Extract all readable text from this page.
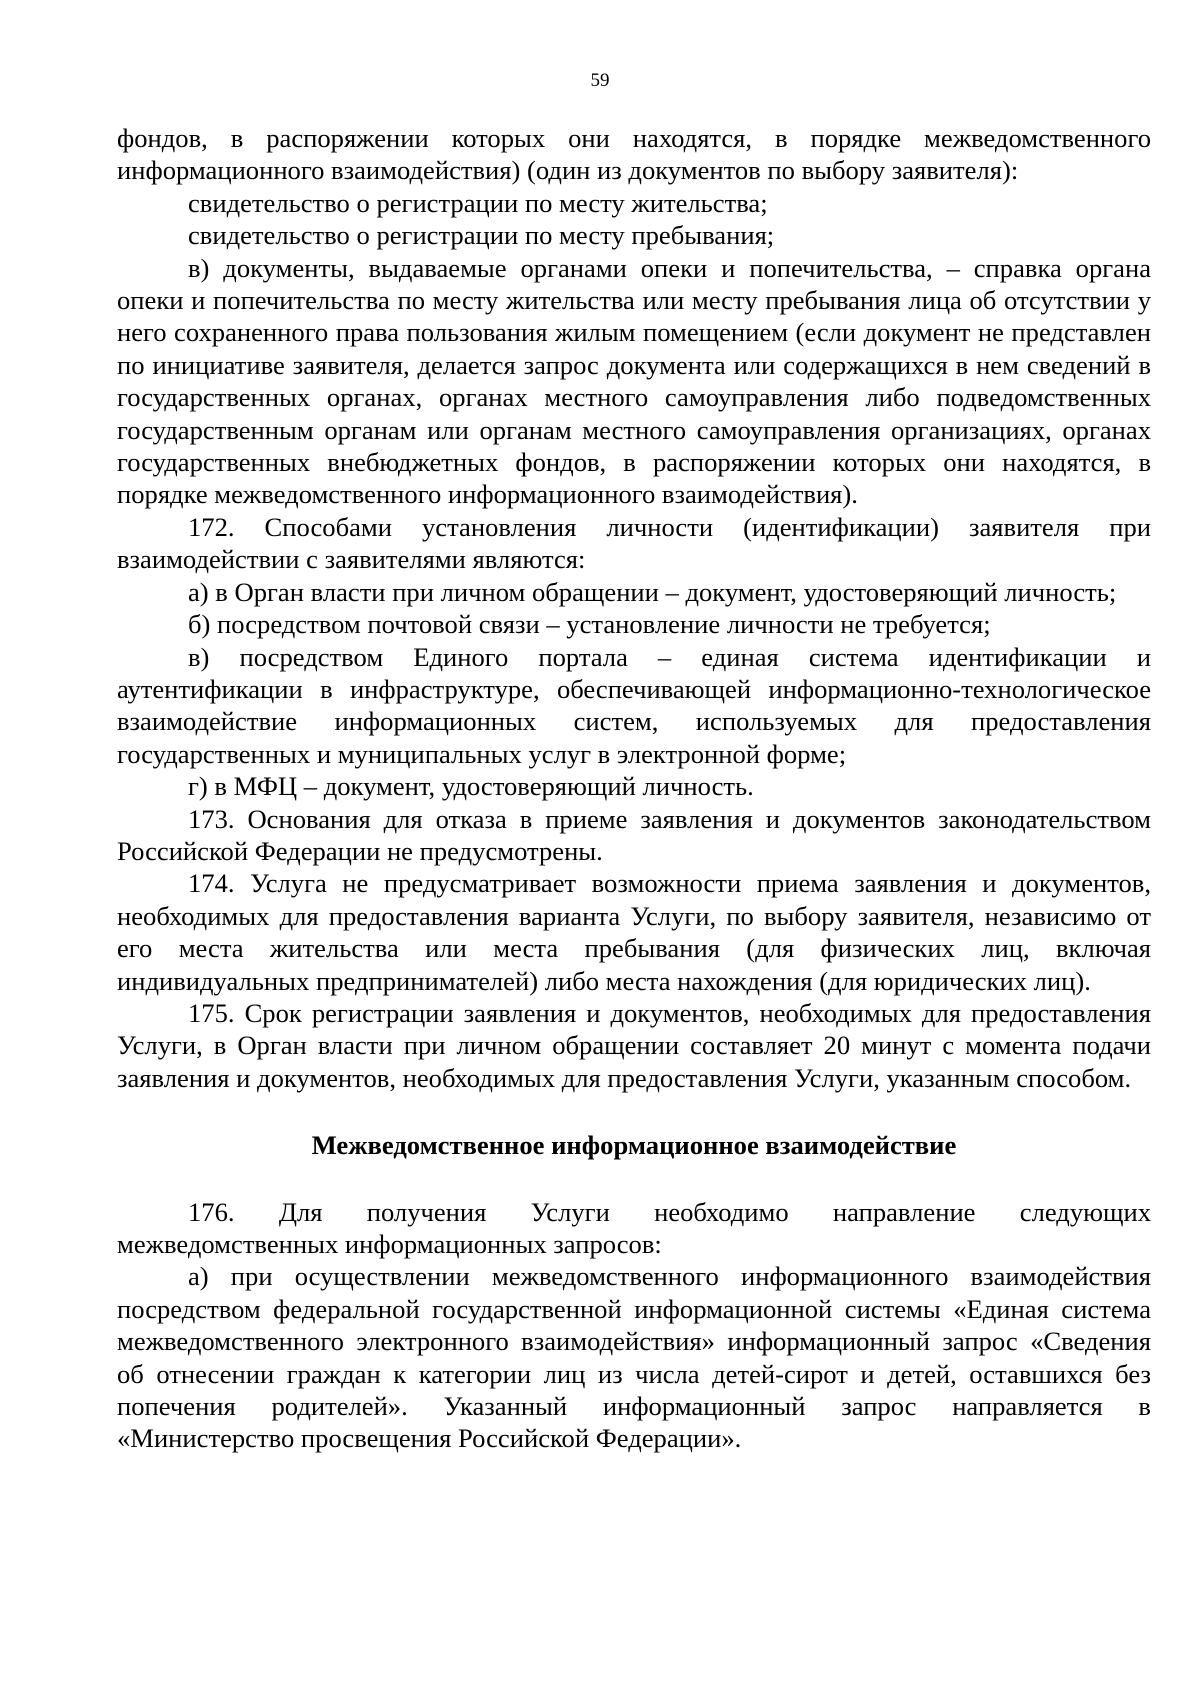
59

фондов, в распоряжении которых они находятся, в порядке межведомственного информационного взаимодействия) (один из документов по выбору заявителя):

свидетельство о регистрации по месту жительства;

свидетельство о регистрации по месту пребывания;

в) документы, выдаваемые органами опеки и попечительства, – справка органа опеки и попечительства по месту жительства или месту пребывания лица об отсутствии у него сохраненного права пользования жилым помещением (если документ не представлен по инициативе заявителя, делается запрос документа или содержащихся в нем сведений в государственных органах, органах местного самоуправления либо подведомственных государственным органам или органам местного самоуправления организациях, органах государственных внебюджетных фондов, в распоряжении которых они находятся, в порядке межведомственного информационного взаимодействия).

172. Способами установления личности (идентификации) заявителя при взаимодействии с заявителями являются:

а) в Орган власти при личном обращении – документ, удостоверяющий личность;

б) посредством почтовой связи – установление личности не требуется;

в) посредством Единого портала – единая система идентификации и аутентификации в инфраструктуре, обеспечивающей информационно-технологическое взаимодействие информационных систем, используемых для предоставления государственных и муниципальных услуг в электронной форме;

г) в МФЦ – документ, удостоверяющий личность.

173. Основания для отказа в приеме заявления и документов законодательством Российской Федерации не предусмотрены.

174. Услуга не предусматривает возможности приема заявления и документов, необходимых для предоставления варианта Услуги, по выбору заявителя, независимо от его места жительства или места пребывания (для физических лиц, включая индивидуальных предпринимателей) либо места нахождения (для юридических лиц).

175. Срок регистрации заявления и документов, необходимых для предоставления Услуги, в Орган власти при личном обращении составляет 20 минут с момента подачи заявления и документов, необходимых для предоставления Услуги, указанным способом.

Межведомственное информационное взаимодействие

176. Для получения Услуги необходимо направление следующих межведомственных информационных запросов:

а) при осуществлении межведомственного информационного взаимодействия посредством федеральной государственной информационной системы «Единая система межведомственного электронного взаимодействия» информационный запрос «Сведения об отнесении граждан к категории лиц из числа детей-сирот и детей, оставшихся без попечения родителей». Указанный информационный запрос направляется в «Министерство просвещения Российской Федерации».
